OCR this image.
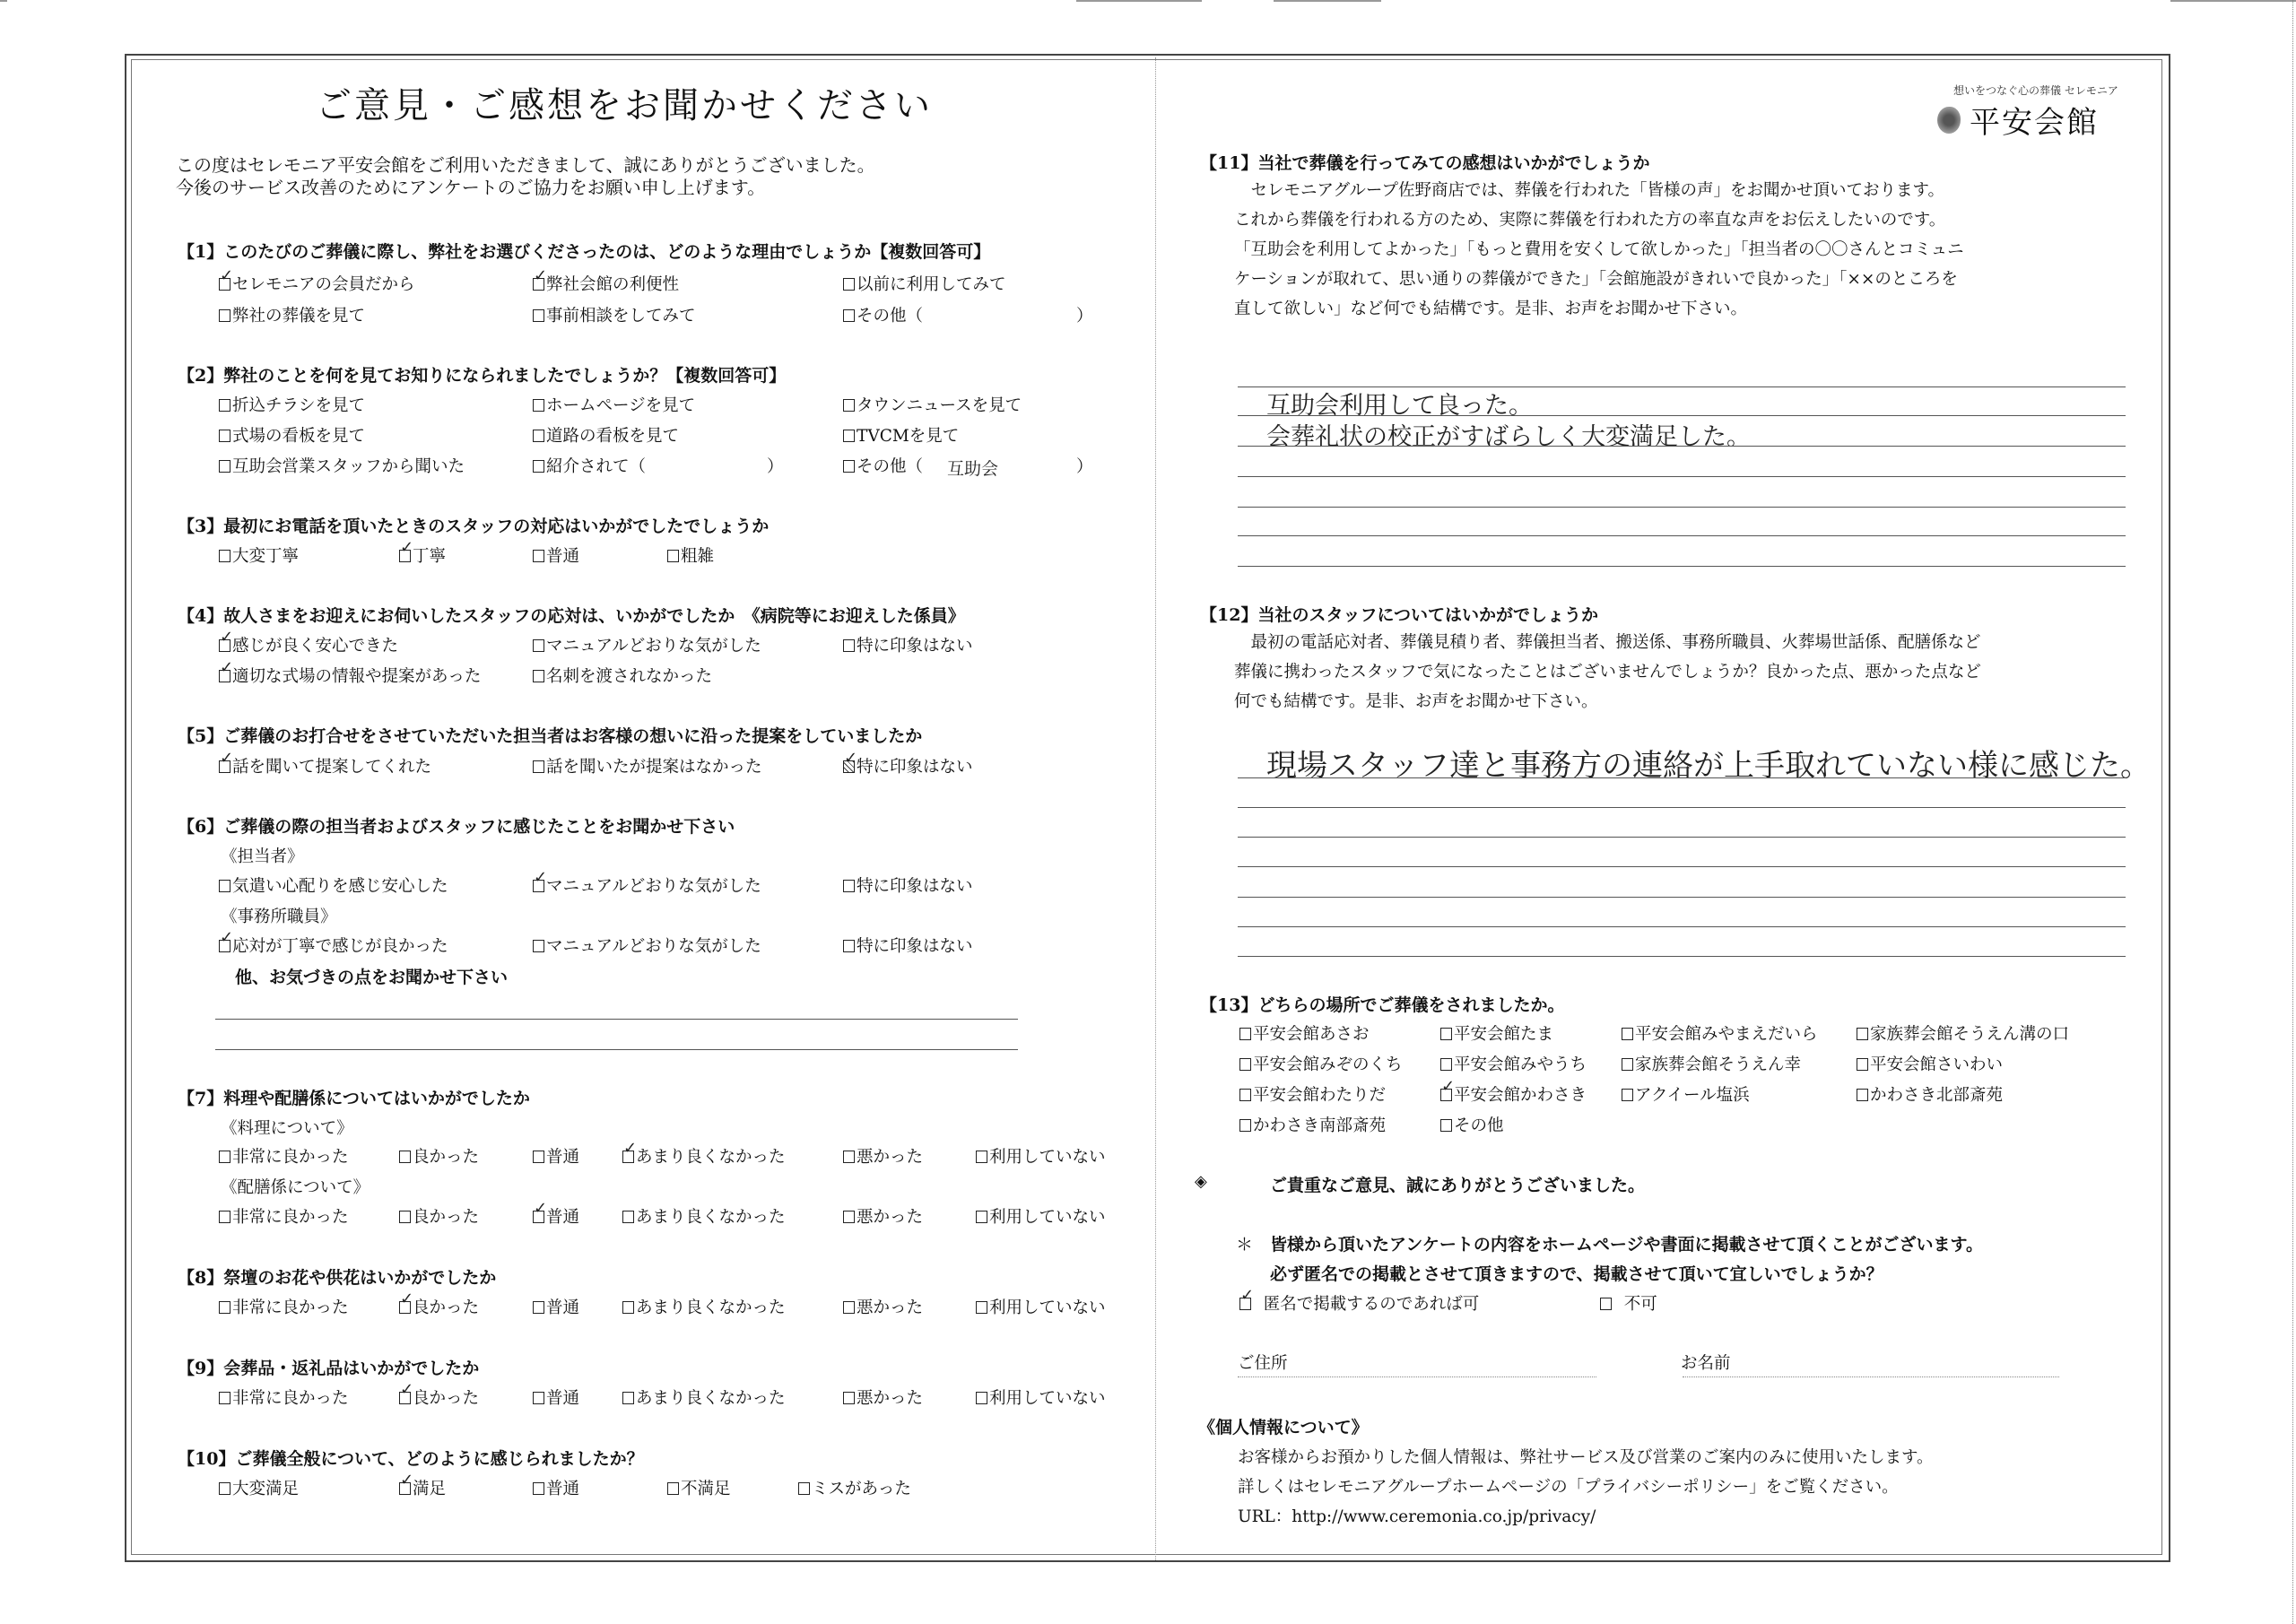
ご意見・ご感想をお聞かせください
この度はセレモニア平安会館をご利用いただきまして、誠にありがとうございました。
今後のサービス改善のためにアンケートのご協力をお願い申し上げます。
【1】このたびのご葬儀に際し、弊社をお選びくださったのは、どのような理由でしょうか【複数回答可】
✓セレモニアの会員だから ✓	弊社会館の利便性	以前に利用してみて
弊社の葬儀を見て	事前相談をしてみて	その他（	）
【2】弊社のことを何を見てお知りになられましたでしょうか？【複数回答可】
折込チラシを見て	ホームページを見て	タウンニュースを見て
式場の看板を見て	道路の看板を見て	TVCMを見て
互助会営業スタッフから聞いた	紹介されて（	）	その他（ 互助会	）
【3】最初にお電話を頂いたときのスタッフの対応はいかがでしたでしょうか
大変丁寧 ✓	丁寧	普通	粗雑
【4】故人さまをお迎えにお伺いしたスタッフの応対は、いかがでしたか　《病院等にお迎えした係員》
✓感じが良く安心できた	マニュアルどおりな気がした	特に印象はない
✓適切な式場の情報や提案があった	名刺を渡されなかった
【5】ご葬儀のお打合せをさせていただいた担当者はお客様の想いに沿った提案をしていましたか
✓話を聞いて提案してくれた	話を聞いたが提案はなかった ✓	特に印象はない
【6】ご葬儀の際の担当者およびスタッフに感じたことをお聞かせ下さい
《担当者》
気遣い心配りを感じ安心した ✓	マニュアルどおりな気がした	特に印象はない
《事務所職員》
✓応対が丁寧で感じが良かった	マニュアルどおりな気がした	特に印象はない
他、お気づきの点をお聞かせ下さい
【7】料理や配膳係についてはいかがでしたか
《料理について》
非常に良かった	良かった	普通 ✓	あまり良くなかった	悪かった	利用していない
《配膳係について》
非常に良かった	良かった ✓	普通	あまり良くなかった	悪かった	利用していない
【8】祭壇のお花や供花はいかがでしたか
非常に良かった ✓	良かった	普通	あまり良くなかった	悪かった	利用していない
【9】会葬品・返礼品はいかがでしたか
非常に良かった ✓	良かった	普通	あまり良くなかった	悪かった	利用していない
【10】ご葬儀全般について、どのように感じられましたか？
大変満足 ✓	満足	普通	不満足	ミスがあった
想いをつなぐ心の葬儀 セレモニア
平安会館
【11】当社で葬儀を行ってみての感想はいかがでしょうか
　セレモニアグループ佐野商店では、葬儀を行われた「皆様の声」をお聞かせ頂いております。
これから葬儀を行われる方のため、実際に葬儀を行われた方の率直な声をお伝えしたいのです。
「互助会を利用してよかった」「もっと費用を安くして欲しかった」「担当者の〇〇さんとコミュニ
ケーションが取れて、思い通りの葬儀ができた」「会館施設がきれいで良かった」「××のところを
直して欲しい」など何でも結構です。是非、お声をお聞かせ下さい。
互助会利用して良った。
会葬礼状の校正がすばらしく大変満足した。
【12】当社のスタッフについてはいかがでしょうか
　最初の電話応対者、葬儀見積り者、葬儀担当者、搬送係、事務所職員、火葬場世話係、配膳係など
葬儀に携わったスタッフで気になったことはございませんでしょうか？良かった点、悪かった点など
何でも結構です。是非、お声をお聞かせ下さい。
現場スタッフ達と事務方の連絡が上手取れていない様に感じた。
【13】どちらの場所でご葬儀をされましたか。
平安会館あさお	平安会館たま	平安会館みやまえだいら	家族葬会館そうえん溝の口
平安会館みぞのくち	平安会館みやうち	家族葬会館そうえん幸	平安会館さいわい
平安会館わたりだ ✓	平安会館かわさき	アクイール塩浜	かわさき北部斎苑
かわさき南部斎苑	その他
◈	ご貴重なご意見、誠にありがとうございました。
＊ 皆様から頂いたアンケートの内容をホームページや書面に掲載させて頂くことがございます。
必ず匿名での掲載とさせて頂きますので、掲載させて頂いて宜しいでしょうか？
✓  匿名で掲載するのであれば可	不可
ご住所	お名前
《個人情報について》
お客様からお預かりした個人情報は、弊社サービス及び営業のご案内のみに使用いたします。
詳しくはセレモニアグループホームページの「プライバシーポリシー」をご覧ください。
URL：http://www.ceremonia.co.jp/privacy/
